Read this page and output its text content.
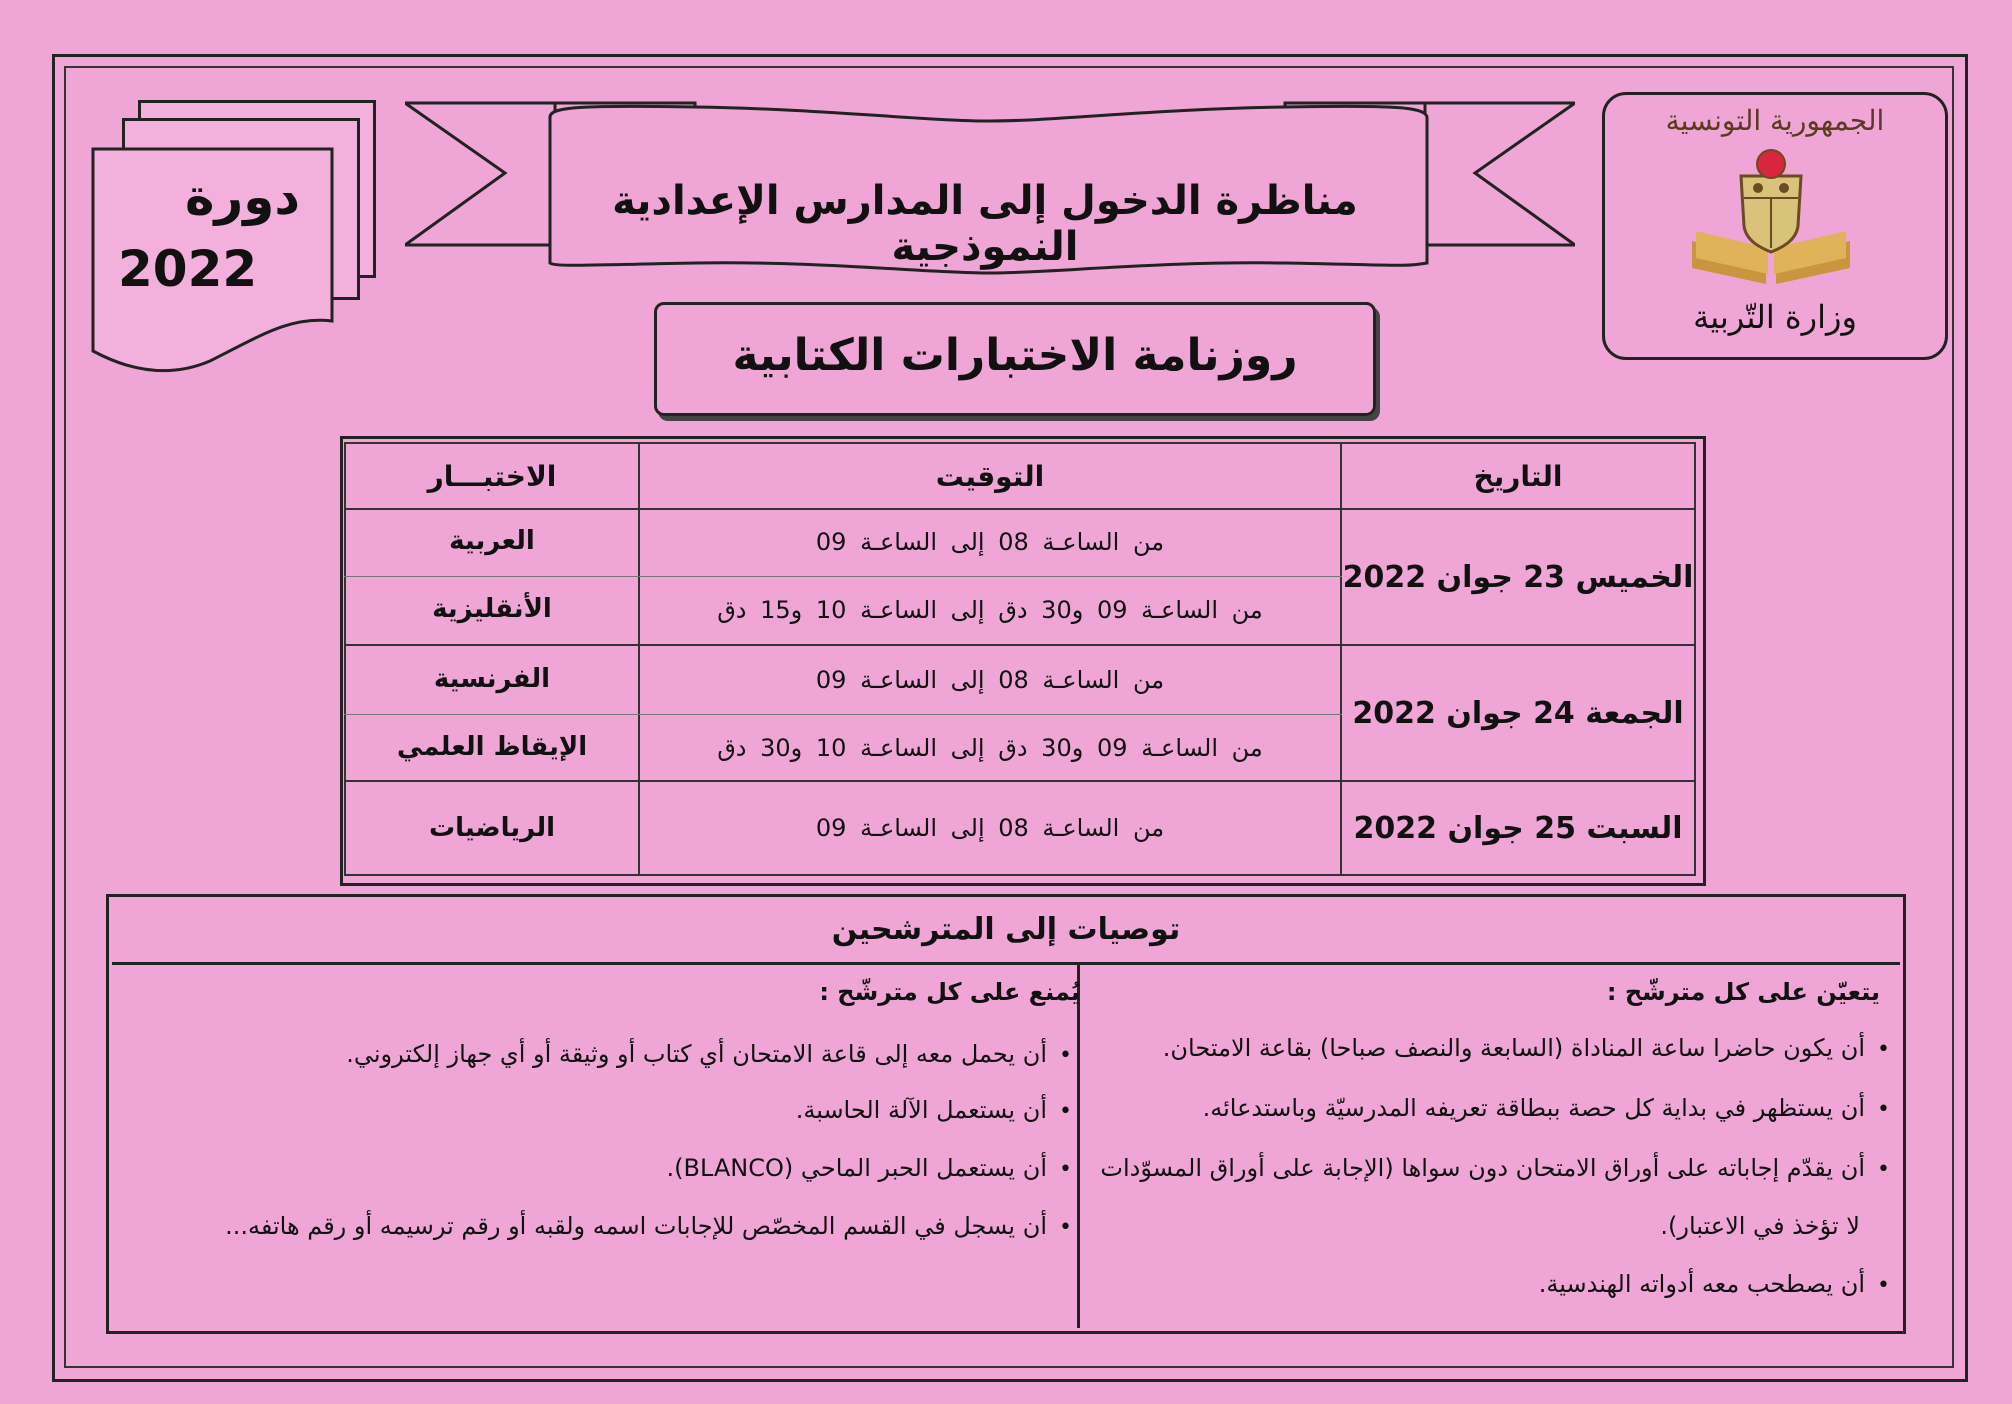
دورة
2022
مناظرة الدخول إلى المدارس الإعدادية النموذجية
الجمهورية التونسية
وزارة التّربية
روزنامة الاختبارات الكتابية
التاريخ
التوقيت
الاختبـــار
الخميس 23 جوان 2022
من الساعـة 08 إلى الساعـة 09
العربية
من الساعـة 09 و30 دق إلى الساعـة 10 و15 دق
الأنقليزية
الجمعة 24 جوان 2022
من الساعـة 08 إلى الساعـة 09
الفرنسية
من الساعـة 09 و30 دق إلى الساعـة 10 و30 دق
الإيقاظ العلمي
السبت 25 جوان 2022
من الساعـة 08 إلى الساعـة 09
الرياضيات
توصيات إلى المترشحين
يتعيّن على كل مترشّح :
•أن يكون حاضرا ساعة المناداة (السابعة والنصف صباحا) بقاعة الامتحان.
•أن يستظهر في بداية كل حصة ببطاقة تعريفه المدرسيّة وباستدعائه.
•أن يقدّم إجاباته على أوراق الامتحان دون سواها (الإجابة على أوراق المسوّدات
لا تؤخذ في الاعتبار).
•أن يصطحب معه أدواته الهندسية.
يُمنع على كل مترشّح :
•أن يحمل معه إلى قاعة الامتحان أي كتاب أو وثيقة أو أي جهاز إلكتروني.
•أن يستعمل الآلة الحاسبة.
•أن يستعمل الحبر الماحي (BLANCO).
•أن يسجل في القسم المخصّص للإجابات اسمه ولقبه أو رقم ترسيمه أو رقم هاتفه...
